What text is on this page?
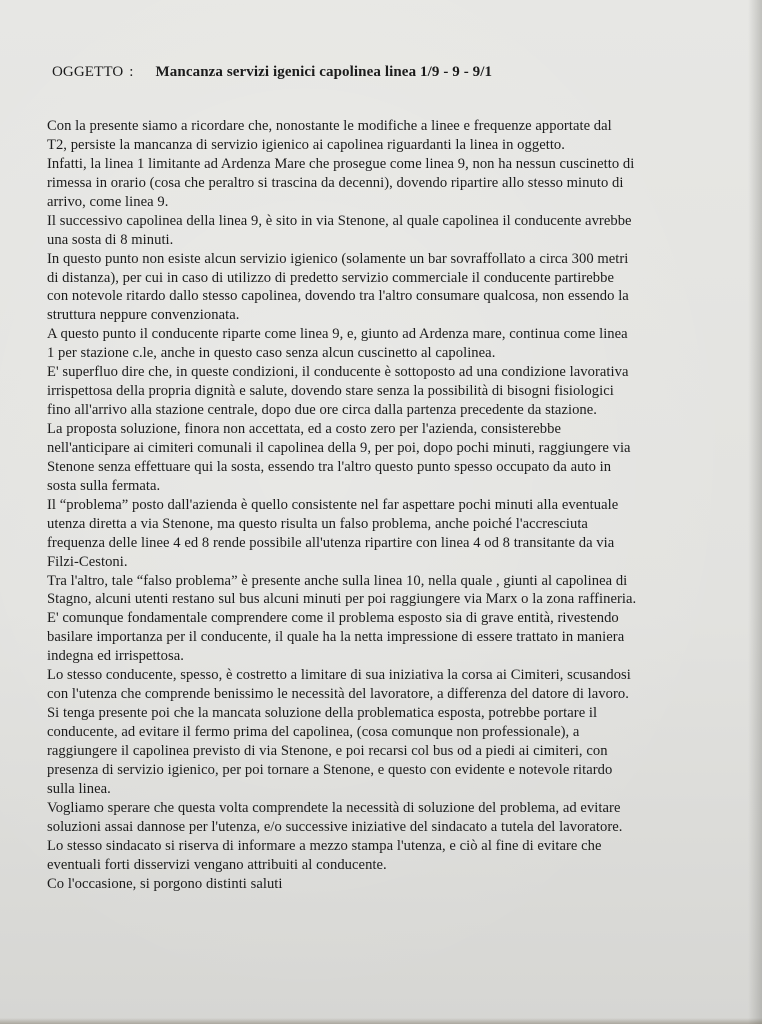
OGGETTO : Mancanza servizi igenici capolinea linea 1/9 - 9 - 9/1
Con la presente siamo a ricordare che, nonostante le modifiche a linee e frequenze apportate dal
T2, persiste la mancanza di servizio igienico ai capolinea riguardanti la linea in oggetto.
Infatti, la linea 1 limitante ad Ardenza Mare che prosegue come linea 9, non ha nessun cuscinetto di
rimessa in orario (cosa che peraltro si trascina da decenni), dovendo ripartire allo stesso minuto di
arrivo, come linea 9.
Il successivo capolinea della linea 9, è sito in via Stenone, al quale capolinea il conducente avrebbe
una sosta di 8 minuti.
In questo punto non esiste alcun servizio igienico (solamente un bar sovraffollato a circa 300 metri
di distanza), per cui in caso di utilizzo di predetto servizio commerciale il conducente partirebbe
con notevole ritardo dallo stesso capolinea, dovendo tra l'altro consumare qualcosa, non essendo la
struttura neppure convenzionata.
A questo punto il conducente riparte come linea 9, e, giunto ad Ardenza mare, continua come linea
1 per stazione c.le, anche in questo caso senza alcun cuscinetto al capolinea.
E' superfluo dire che, in queste condizioni, il conducente è sottoposto ad una condizione lavorativa
irrispettosa della propria dignità e salute, dovendo stare senza la possibilità di bisogni fisiologici
fino all'arrivo alla stazione centrale, dopo due ore circa dalla partenza precedente da stazione.
La proposta soluzione, finora non accettata, ed a costo zero per l'azienda, consisterebbe
nell'anticipare ai cimiteri comunali il capolinea della 9, per poi, dopo pochi minuti, raggiungere via
Stenone senza effettuare qui la sosta, essendo tra l'altro questo punto spesso occupato da auto in
sosta sulla fermata.
Il “problema” posto dall'azienda è quello consistente nel far aspettare pochi minuti alla eventuale
utenza diretta a via Stenone, ma questo risulta un falso problema, anche poiché l'accresciuta
frequenza delle linee 4 ed 8 rende possibile all'utenza ripartire con linea 4 od 8 transitante da via
Filzi-Cestoni.
Tra l'altro, tale “falso problema” è presente anche sulla linea 10, nella quale , giunti al capolinea di
Stagno, alcuni utenti restano sul bus alcuni minuti per poi raggiungere via Marx o la zona raffineria.
E' comunque fondamentale comprendere come il problema esposto sia di grave entità, rivestendo
basilare importanza per il conducente, il quale ha la netta impressione di essere trattato in maniera
indegna ed irrispettosa.
Lo stesso conducente, spesso, è costretto a limitare di sua iniziativa la corsa ai Cimiteri, scusandosi
con l'utenza che comprende benissimo le necessità del lavoratore, a differenza del datore di lavoro.
Si tenga presente poi che la mancata soluzione della problematica esposta, potrebbe portare il
conducente, ad evitare il fermo prima del capolinea, (cosa comunque non professionale), a
raggiungere il capolinea previsto di via Stenone, e poi recarsi col bus od a piedi ai cimiteri, con
presenza di servizio igienico, per poi tornare a Stenone, e questo con evidente e notevole ritardo
sulla linea.
Vogliamo sperare che questa volta comprendete la necessità di soluzione del problema, ad evitare
soluzioni assai dannose per l'utenza, e/o successive iniziative del sindacato a tutela del lavoratore.
Lo stesso sindacato si riserva di informare a mezzo stampa l'utenza, e ciò al fine di evitare che
eventuali forti disservizi vengano attribuiti al conducente.
Co l'occasione, si porgono distinti saluti
